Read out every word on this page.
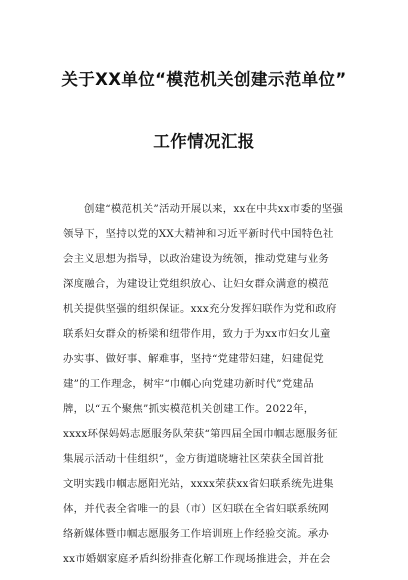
关于XX单位“模范机关创建示范单位”
工作情况汇报
创建“模范机关”活动开展以来，xx在中共xx市委的坚强
领导下，坚持以党的XX大精神和习近平新时代中国特色社
会主义思想为指导，以政治建设为统领，推动党建与业务
深度融合，为建设让党组织放心、让妇女群众满意的模范
机关提供坚强的组织保证。xxx充分发挥妇联作为党和政府
联系妇女群众的桥梁和纽带作用，致力于为xx市妇女儿童
办实事、做好事、解难事，坚持“党建带妇建，妇建促党
建”的工作理念，树牢“巾帼心向党建功新时代”党建品
牌，以“五个聚焦”抓实模范机关创建工作。2022年，
xxxx环保妈妈志愿服务队荣获“第四届全国巾帼志愿服务征
集展示活动十佳组织”，金方街道晓塘社区荣获全国首批
文明实践巾帼志愿阳光站，xxxx荣获xx省妇联系统先进集
体，并代表全省唯一的县（市）区妇联在全省妇联系统网
络新媒体暨巾帼志愿服务工作培训班上作经验交流。承办
xx市婚姻家庭矛盾纠纷排查化解工作现场推进会，并在会
